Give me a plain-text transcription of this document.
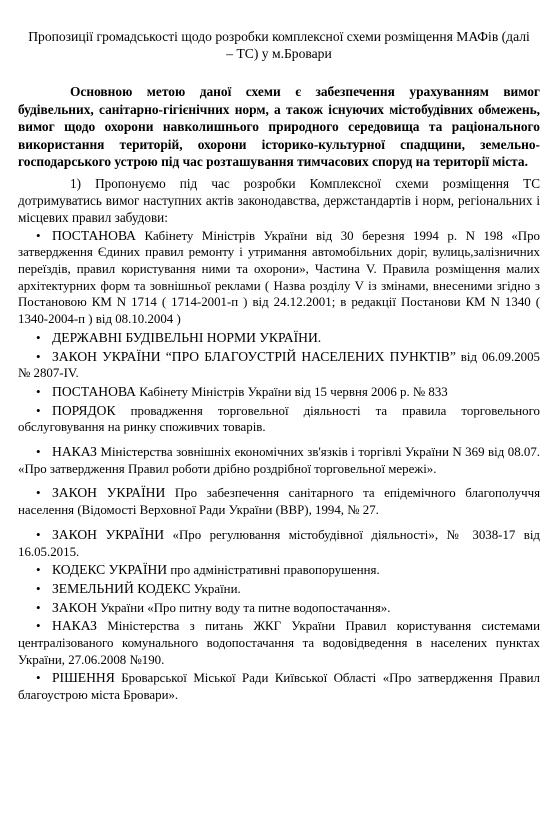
Пропозиції громадськості щодо розробки комплексної схеми розміщення МАФів (далі – ТС) у м.Бровари

Основною метою даної схеми є забезпечення урахуванням вимог будівельних, санітарно-гігієнічних норм, а також існуючих містобудівних обмежень, вимог щодо охорони навколишнього природного середовища та раціонального використання територій, охорони історико-культурної спадщини, земельно-господарського устрою під час розташування тимчасових споруд на території міста.

1) Пропонуємо під час розробки Комплексної схеми розміщення ТС дотримуватись вимог наступних актів законодавства, держстандартів і норм, регіональних і місцевих правил забудови:

• ПОСТАНОВА Кабінету Міністрів України від 30 березня 1994 р. N 198 «Про затвердження Єдиних правил ремонту і утримання автомобільних доріг, вулиць,залізничних переїздів, правил користування ними та охорони», Частина V. Правила розміщення малих архітектурних форм та зовнішньої реклами ( Назва розділу V із змінами, внесеними згідно з Постановою КМ N 1714 ( 1714-2001-п ) від 24.12.2001; в редакції Постанови КМ N 1340 ( 1340-2004-п ) від 08.10.2004 )
• ДЕРЖАВНІ БУДІВЕЛЬНІ НОРМИ УКРАЇНИ.
• ЗАКОН УКРАЇНИ “ПРО БЛАГОУСТРІЙ НАСЕЛЕНИХ ПУНКТІВ” від 06.09.2005 № 2807-IV.
• ПОСТАНОВА Кабінету Міністрів України від 15 червня 2006 р. № 833
• ПОРЯДОК провадження торговельної діяльності та правила торговельного обслуговування на ринку споживчих товарів.
• НАКАЗ Міністерства зовнішніх економічних зв'язків і торгівлі України N 369 від 08.07. «Про затвердження Правил роботи дрібно роздрібної торговельної мережі».
• ЗАКОН УКРАЇНИ Про забезпечення санітарного та епідемічного благополуччя населення (Відомості Верховної Ради України (ВВР), 1994, № 27.
• ЗАКОН УКРАЇНИ «Про регулювання містобудівної діяльності», № 3038-17 від 16.05.2015.
• КОДЕКС УКРАЇНИ про адміністративні правопорушення.
• ЗЕМЕЛЬНИЙ КОДЕКС України.
• ЗАКОН України «Про питну воду та питне водопостачання».
• НАКАЗ Міністерства з питань ЖКГ України Правил користування системами централізованого комунального водопостачання та водовідведення в населених пунктах України, 27.06.2008 №190.
• РІШЕННЯ Броварської Міської Ради Київської Області «Про затвердження Правил благоустрою міста Бровари».
